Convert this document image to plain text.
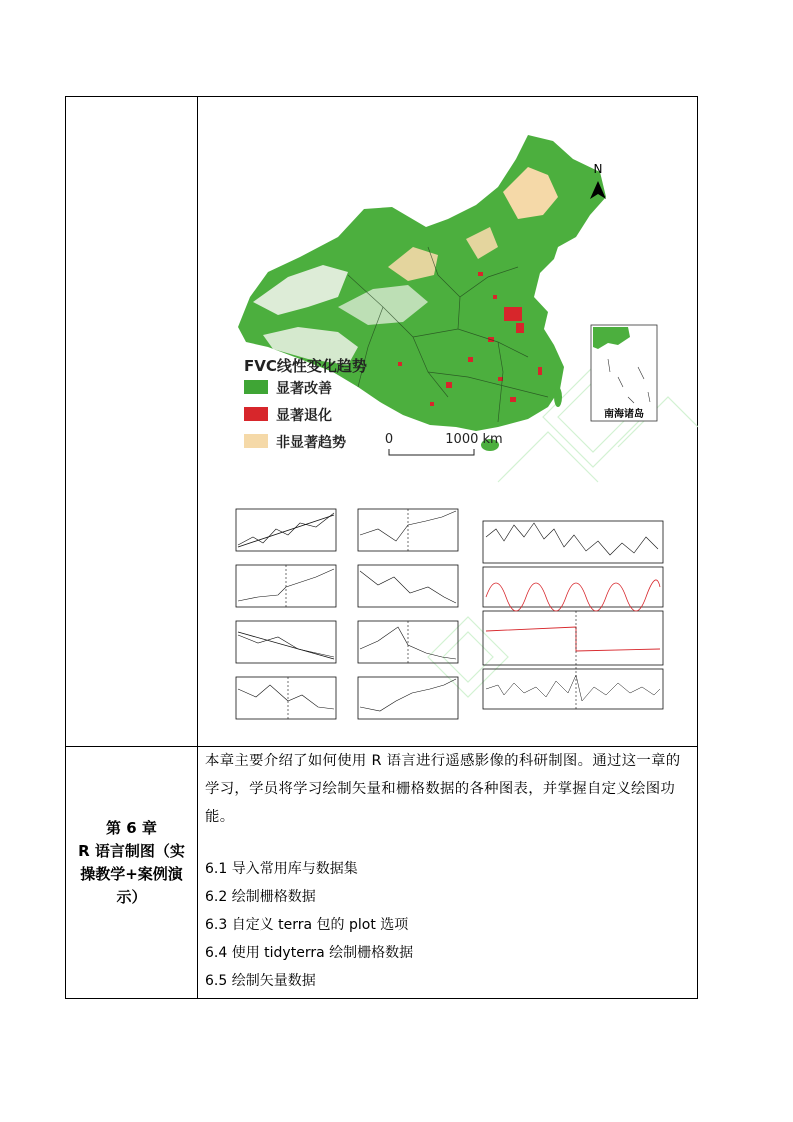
N
南海诸岛
FVC线性变化趋势
显著改善
显著退化
非显著趋势	0	1000 km
第 6 章
R 语言制图（实
操教学+案例演
示）
本章主要介绍了如何使用 R 语言进行遥感影像的科研制图。通过这一章的学习，学员将学习绘制矢量和栅格数据的各种图表，并掌握自定义绘图功能。
6.1 导入常用库与数据集
6.2 绘制栅格数据
6.3 自定义 terra 包的 plot 选项
6.4 使用 tidyterra 绘制栅格数据
6.5 绘制矢量数据
